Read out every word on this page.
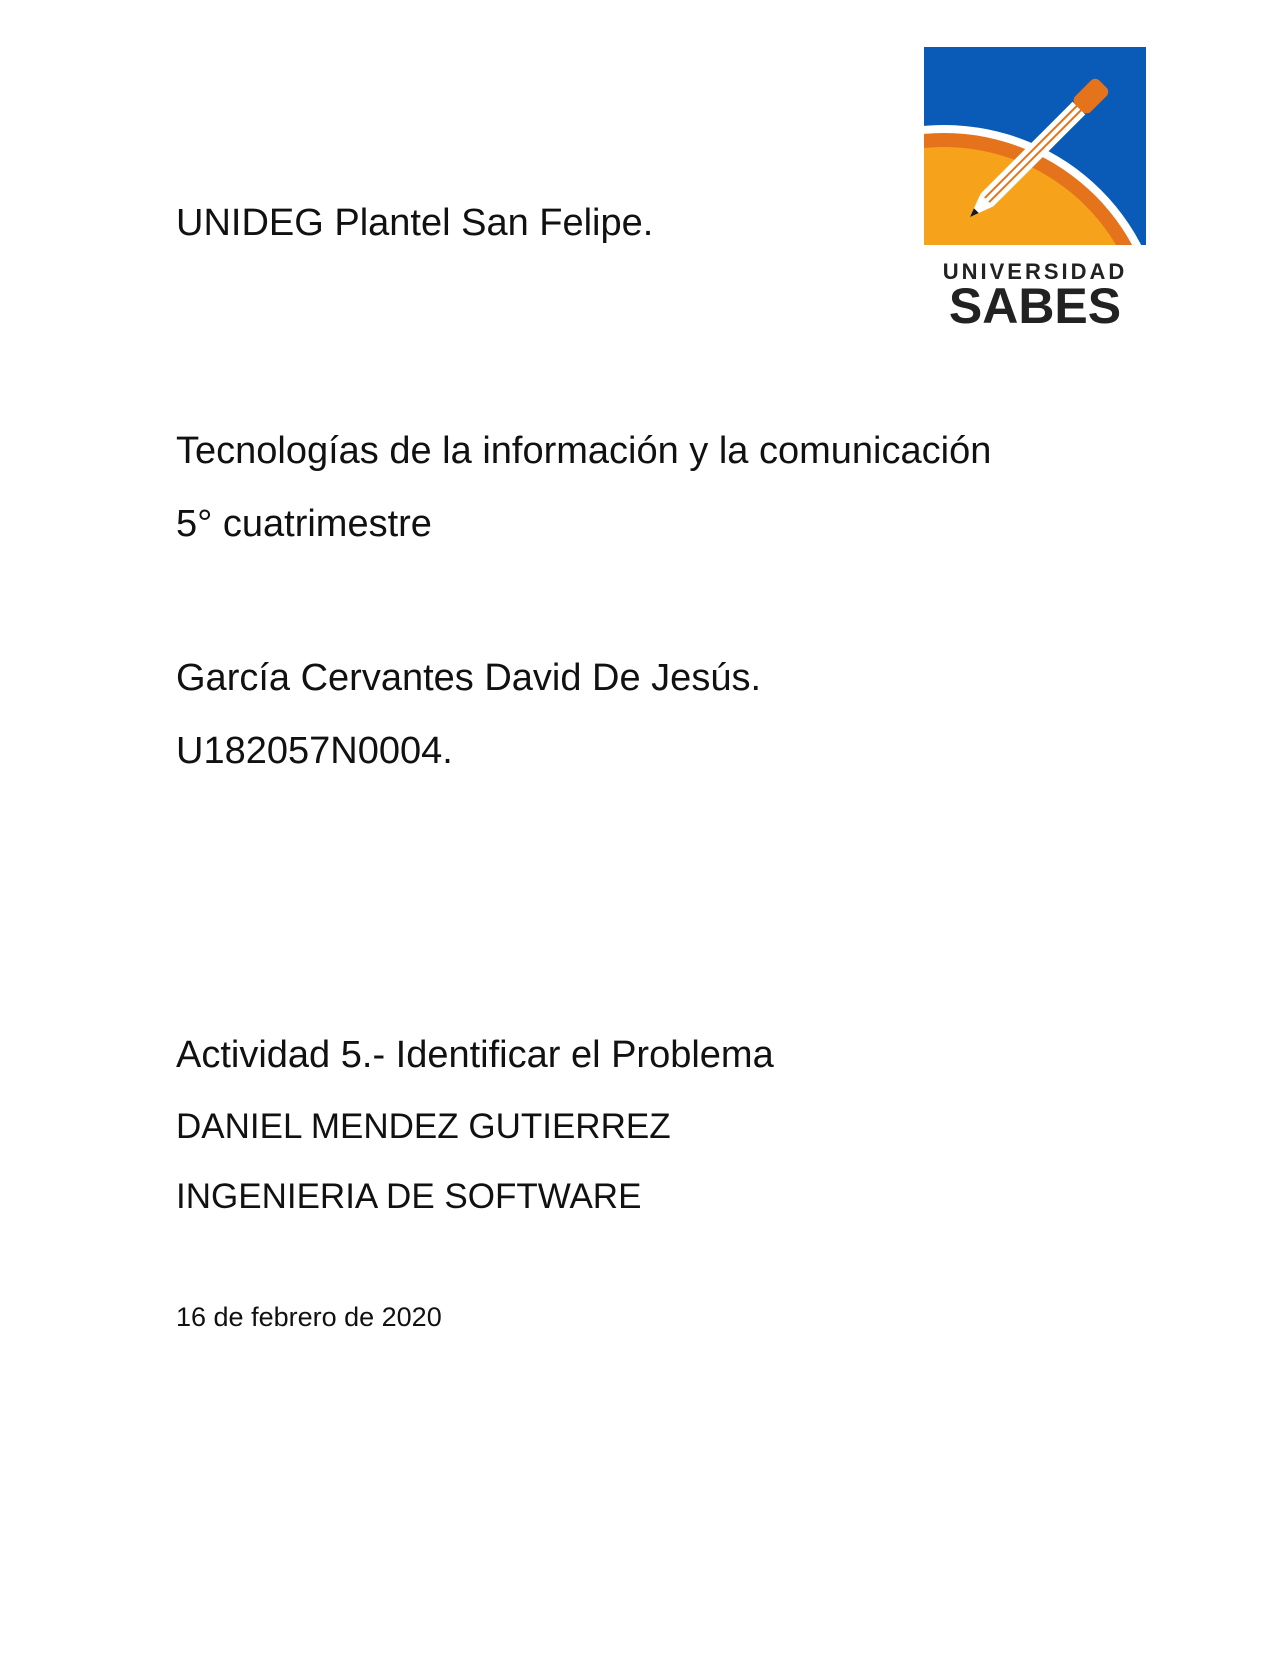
UNIDEG Plantel San Felipe.
UNIVERSIDAD
SABES
Tecnologías de la información y la comunicación
5° cuatrimestre
García Cervantes David De Jesús.
U182057N0004.
Actividad 5.- Identificar el Problema
DANIEL MENDEZ GUTIERREZ
INGENIERIA DE SOFTWARE
16 de febrero de 2020
